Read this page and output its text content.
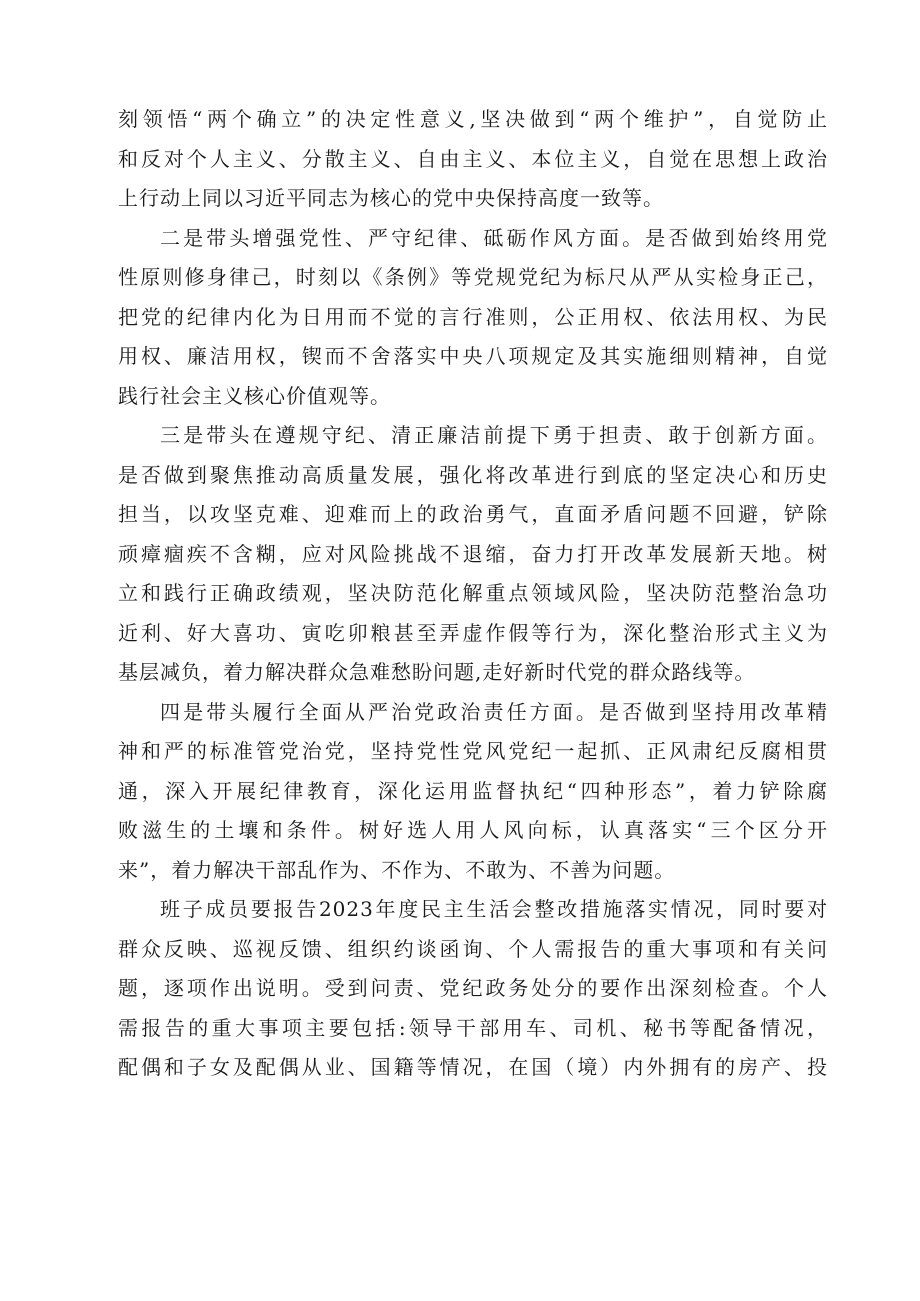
刻领悟“两个确立”的决定性意义,坚决做到“两个维护”，自觉防止
和反对个人主义、分散主义、自由主义、本位主义，自觉在思想上政治
上行动上同以习近平同志为核心的党中央保持高度一致等。
二是带头增强党性、严守纪律、砥砺作风方面。是否做到始终用党
性原则修身律己，时刻以《条例》等党规党纪为标尺从严从实检身正己，
把党的纪律内化为日用而不觉的言行准则，公正用权、依法用权、为民
用权、廉洁用权，锲而不舍落实中央八项规定及其实施细则精神，自觉
践行社会主义核心价值观等。
三是带头在遵规守纪、清正廉洁前提下勇于担责、敢于创新方面。
是否做到聚焦推动高质量发展，强化将改革进行到底的坚定决心和历史
担当，以攻坚克难、迎难而上的政治勇气，直面矛盾问题不回避，铲除
顽瘴痼疾不含糊，应对风险挑战不退缩，奋力打开改革发展新天地。树
立和践行正确政绩观，坚决防范化解重点领域风险，坚决防范整治急功
近利、好大喜功、寅吃卯粮甚至弄虚作假等行为，深化整治形式主义为
基层减负，着力解决群众急难愁盼问题,走好新时代党的群众路线等。
四是带头履行全面从严治党政治责任方面。是否做到坚持用改革精
神和严的标准管党治党，坚持党性党风党纪一起抓、正风肃纪反腐相贯
通，深入开展纪律教育，深化运用监督执纪“四种形态”，着力铲除腐
败滋生的土壤和条件。树好选人用人风向标，认真落实“三个区分开
来”，着力解决干部乱作为、不作为、不敢为、不善为问题。
班子成员要报告2023年度民主生活会整改措施落实情况，同时要对
群众反映、巡视反馈、组织约谈函询、个人需报告的重大事项和有关问
题，逐项作出说明。受到问责、党纪政务处分的要作出深刻检查。个人
需报告的重大事项主要包括:领导干部用车、司机、秘书等配备情况，
配偶和子女及配偶从业、国籍等情况，在国（境）内外拥有的房产、投
